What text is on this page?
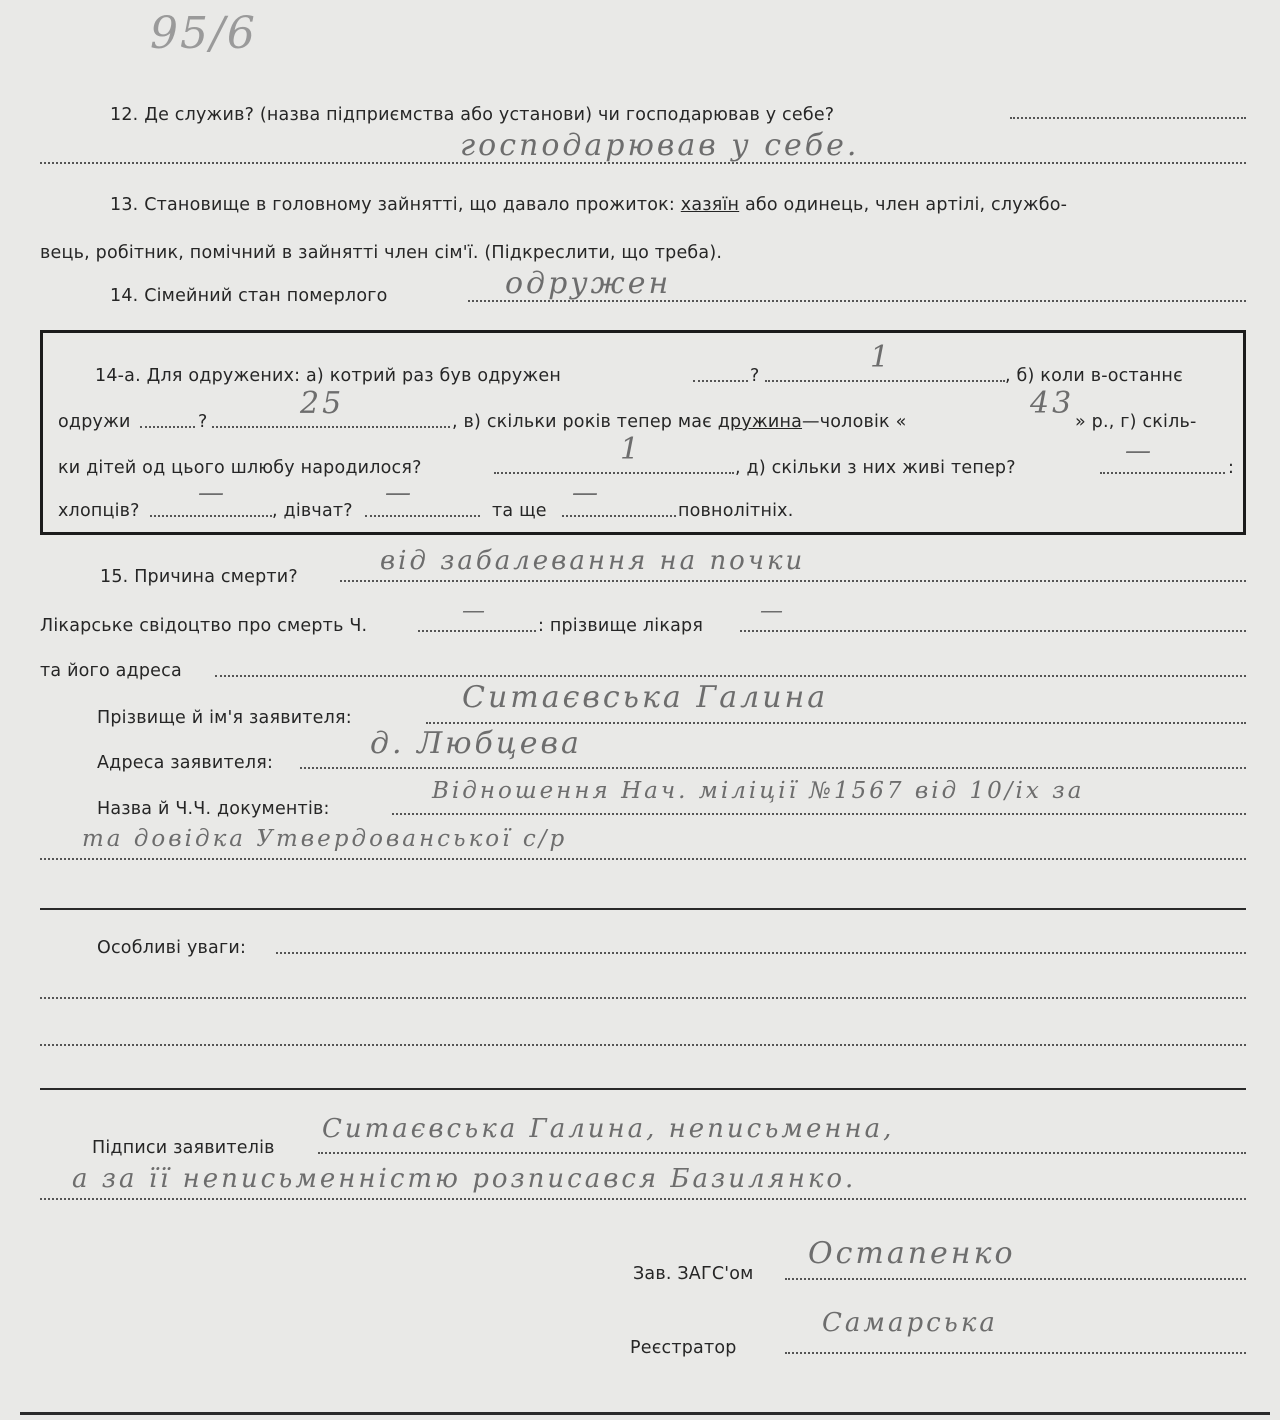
95/6
12. Де служив? (назва підприємства або установи) чи господарював у себе?
господарював у себе.
13. Становище в головному зайнятті, що давало прожиток: хазяїн або одинець, член артілі, службо-
вець, робітник, помічний в зайнятті член сім'ї. (Підкреслити, що треба).
14. Сімейний стан померлого	одружен
14-а. Для одружених: а) котрий раз був одружен	?
1
, б) коли в-останнє
одружи	?
25
, в) скільки років тепер має дружина—чоловік «
43
» р., г) скіль-
ки дітей од цього шлюбу народилося?
1
, д) скільки з них живі тепер?
—
:
хлопців?
—
, дівчат?
—
та ще
—
повнолітніх.
15. Причина смерти?
від забалевання на почки
Лікарське свідоцтво про смерть Ч.
—
: прізвище лікаря
—
та його адреса
Прізвище й ім'я заявителя:
Ситаєвська Галина
Адреса заявителя:
д. Любцева
Назва й Ч.Ч. документів:
Відношення Нач. міліції №1567 від 10/ix за
та довідка Утвердованської с/р
Особливі уваги:
Підписи заявителів
Ситаєвська Галина, неписьменна,
а за її неписьменністю розписався Базилянко.
Зав. ЗАГС'ом
Остапенко
Реєстратор
Самарська
